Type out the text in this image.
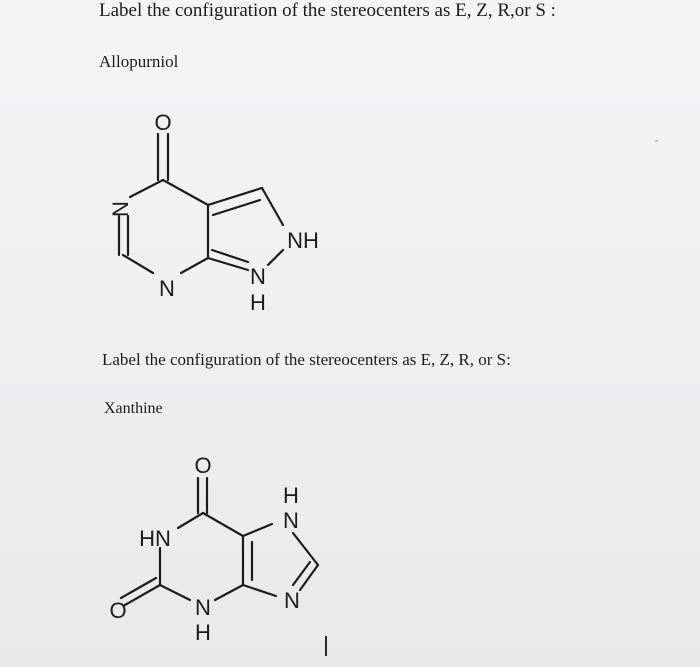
Label the configuration of the stereocenters as E, Z, R,or S :
Allopurniol
Label the configuration of the stereocenters as E, Z, R, or S:
Xanthine
O
N
N
NH
N
H
O
HN
O	N
H
H
N
N
